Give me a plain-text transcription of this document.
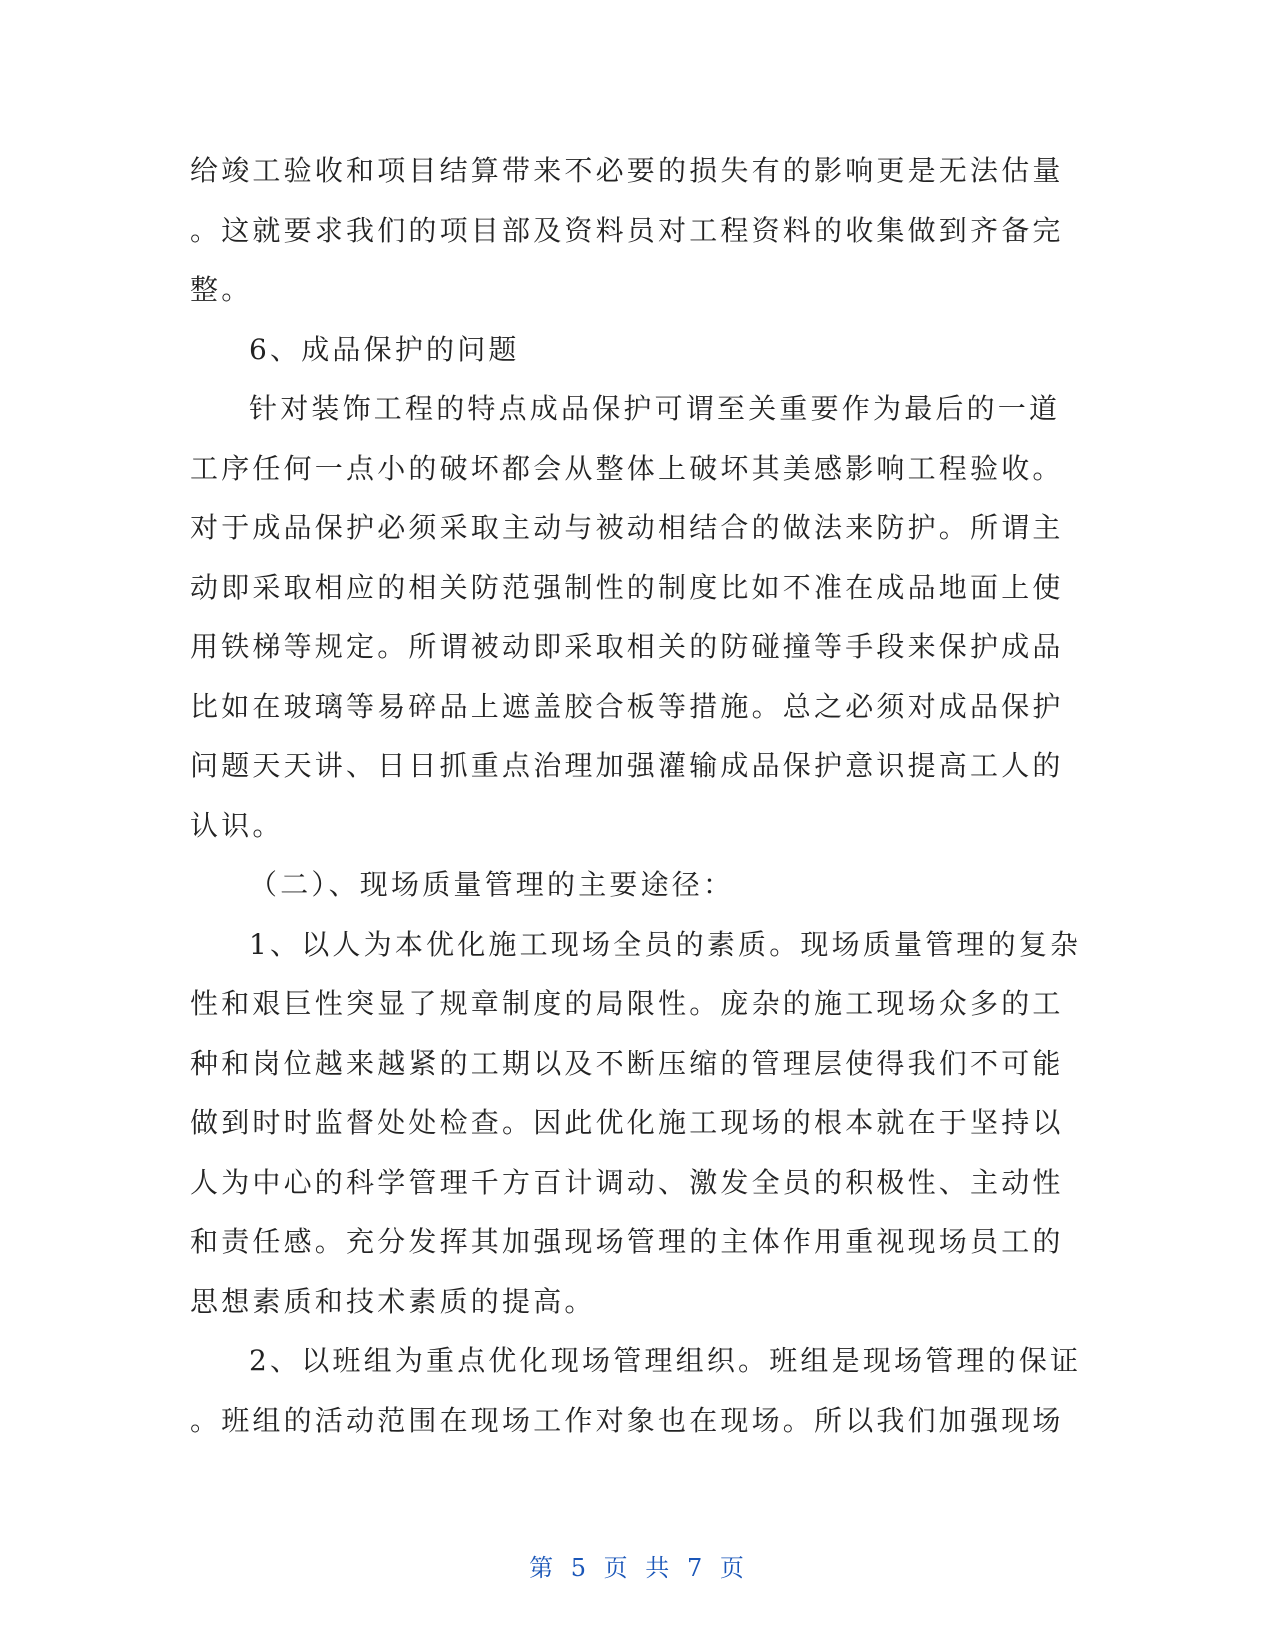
给竣工验收和项目结算带来不必要的损失有的影响更是无法估量
。这就要求我们的项目部及资料员对工程资料的收集做到齐备完
整。
6、成品保护的问题
针对装饰工程的特点成品保护可谓至关重要作为最后的一道
工序任何一点小的破坏都会从整体上破坏其美感影响工程验收。
对于成品保护必须采取主动与被动相结合的做法来防护。所谓主
动即采取相应的相关防范强制性的制度比如不准在成品地面上使
用铁梯等规定。所谓被动即采取相关的防碰撞等手段来保护成品
比如在玻璃等易碎品上遮盖胶合板等措施。总之必须对成品保护
问题天天讲、日日抓重点治理加强灌输成品保护意识提高工人的
认识。
（二）、现场质量管理的主要途径：
1、以人为本优化施工现场全员的素质。现场质量管理的复杂
性和艰巨性突显了规章制度的局限性。庞杂的施工现场众多的工
种和岗位越来越紧的工期以及不断压缩的管理层使得我们不可能
做到时时监督处处检查。因此优化施工现场的根本就在于坚持以
人为中心的科学管理千方百计调动、激发全员的积极性、主动性
和责任感。充分发挥其加强现场管理的主体作用重视现场员工的
思想素质和技术素质的提高。
2、以班组为重点优化现场管理组织。班组是现场管理的保证
。班组的活动范围在现场工作对象也在现场。所以我们加强现场
第 5 页 共 7 页
